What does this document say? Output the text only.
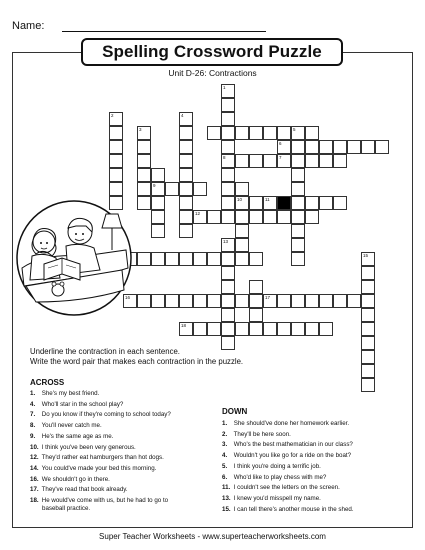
Name:
Spelling Crossword Puzzle
Unit D-26: Contractions
8	7
9
10	11
12
5
6
16	17
18
1
2
3
4
13
15
Underline the contraction in each sentence.
Write the word pair that makes each contraction in the puzzle.
ACROSS
1. She's my best friend.
4. Who'll star in the school play?
7. Do you know if they're coming to school today?
8. You'll never catch me.
9. He's the same age as me.
10. I think you've been very generous.
12. They'd rather eat hamburgers than hot dogs.
14. You could've made your bed this morning.
16. We shouldn't go in there.
17. They've read that book already.
18. He would've come with us, but he had to go to
baseball practice.
DOWN
1. She should've done her homework earlier.
2. They'll be here soon.
3. Who's the best mathematician in our class?
4. Wouldn't you like go for a ride on the boat?
5. I think you're doing a terrific job.
6. Who'd like to play chess with me?
11. I couldn't see the letters on the screen.
13. I knew you'd misspell my name.
15. I can tell there's another mouse in the shed.
Super Teacher Worksheets - www.superteacherworksheets.com
